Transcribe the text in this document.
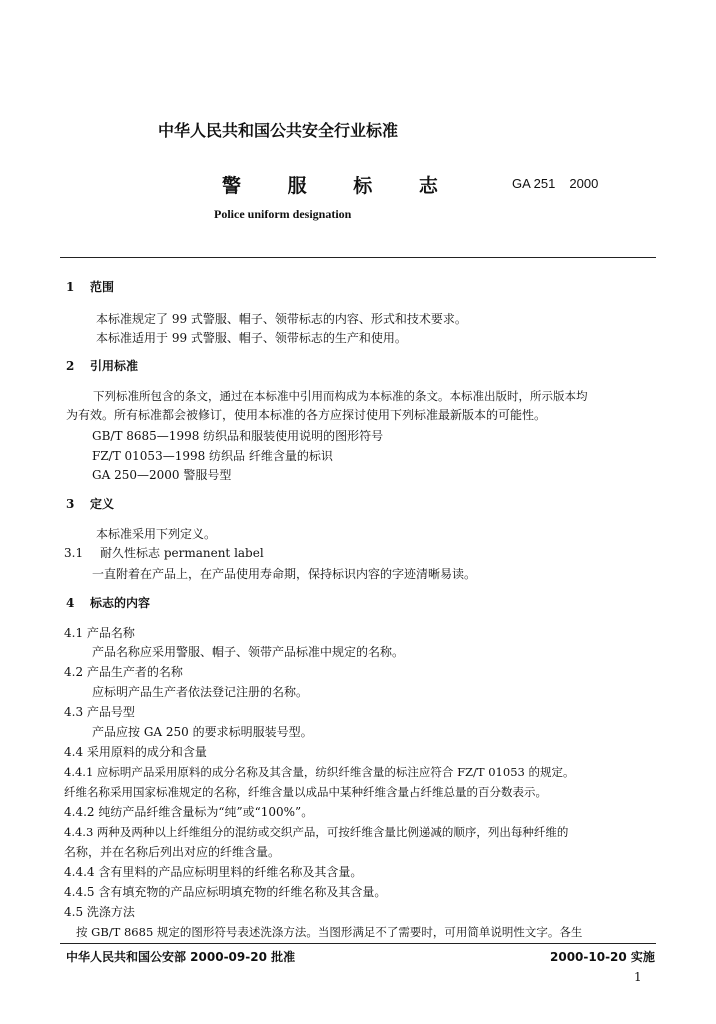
中华人民共和国公共安全行业标准
警 服 标 志	GA 251 2000
Police uniform designation
1 范围
本标准规定了 99 式警服、帽子、领带标志的内容、形式和技术要求。
本标准适用于 99 式警服、帽子、领带标志的生产和使用。
2 引用标准
下列标准所包含的条文，通过在本标准中引用而构成为本标准的条文。本标准出版时，所示版本均
为有效。所有标准都会被修订，使用本标准的各方应探讨使用下列标准最新版本的可能性。
GB/T 8685—1998 纺织品和服装使用说明的图形符号
FZ/T 01053—1998 纺织品 纤维含量的标识
GA 250—2000 警服号型
3 定义
本标准采用下列定义。
3.1 耐久性标志 permanent label
一直附着在产品上，在产品使用寿命期，保持标识内容的字迹清晰易读。
4 标志的内容
4.1 产品名称
产品名称应采用警服、帽子、领带产品标准中规定的名称。
4.2 产品生产者的名称
应标明产品生产者依法登记注册的名称。
4.3 产品号型
产品应按 GA 250 的要求标明服装号型。
4.4 采用原料的成分和含量
4.4.1 应标明产品采用原料的成分名称及其含量，纺织纤维含量的标注应符合 FZ/T 01053 的规定。
纤维名称采用国家标准规定的名称，纤维含量以成品中某种纤维含量占纤维总量的百分数表示。
4.4.2 纯纺产品纤维含量标为“纯”或“100%”。
4.4.3 两种及两种以上纤维组分的混纺或交织产品，可按纤维含量比例递减的顺序，列出每种纤维的
名称，并在名称后列出对应的纤维含量。
4.4.4 含有里料的产品应标明里料的纤维名称及其含量。
4.4.5 含有填充物的产品应标明填充物的纤维名称及其含量。
4.5 洗涤方法
按 GB/T 8685 规定的图形符号表述洗涤方法。当图形满足不了需要时，可用简单说明性文字。各生
中华人民共和国公安部 2000-09-20 批准	2000-10-20 实施
1
